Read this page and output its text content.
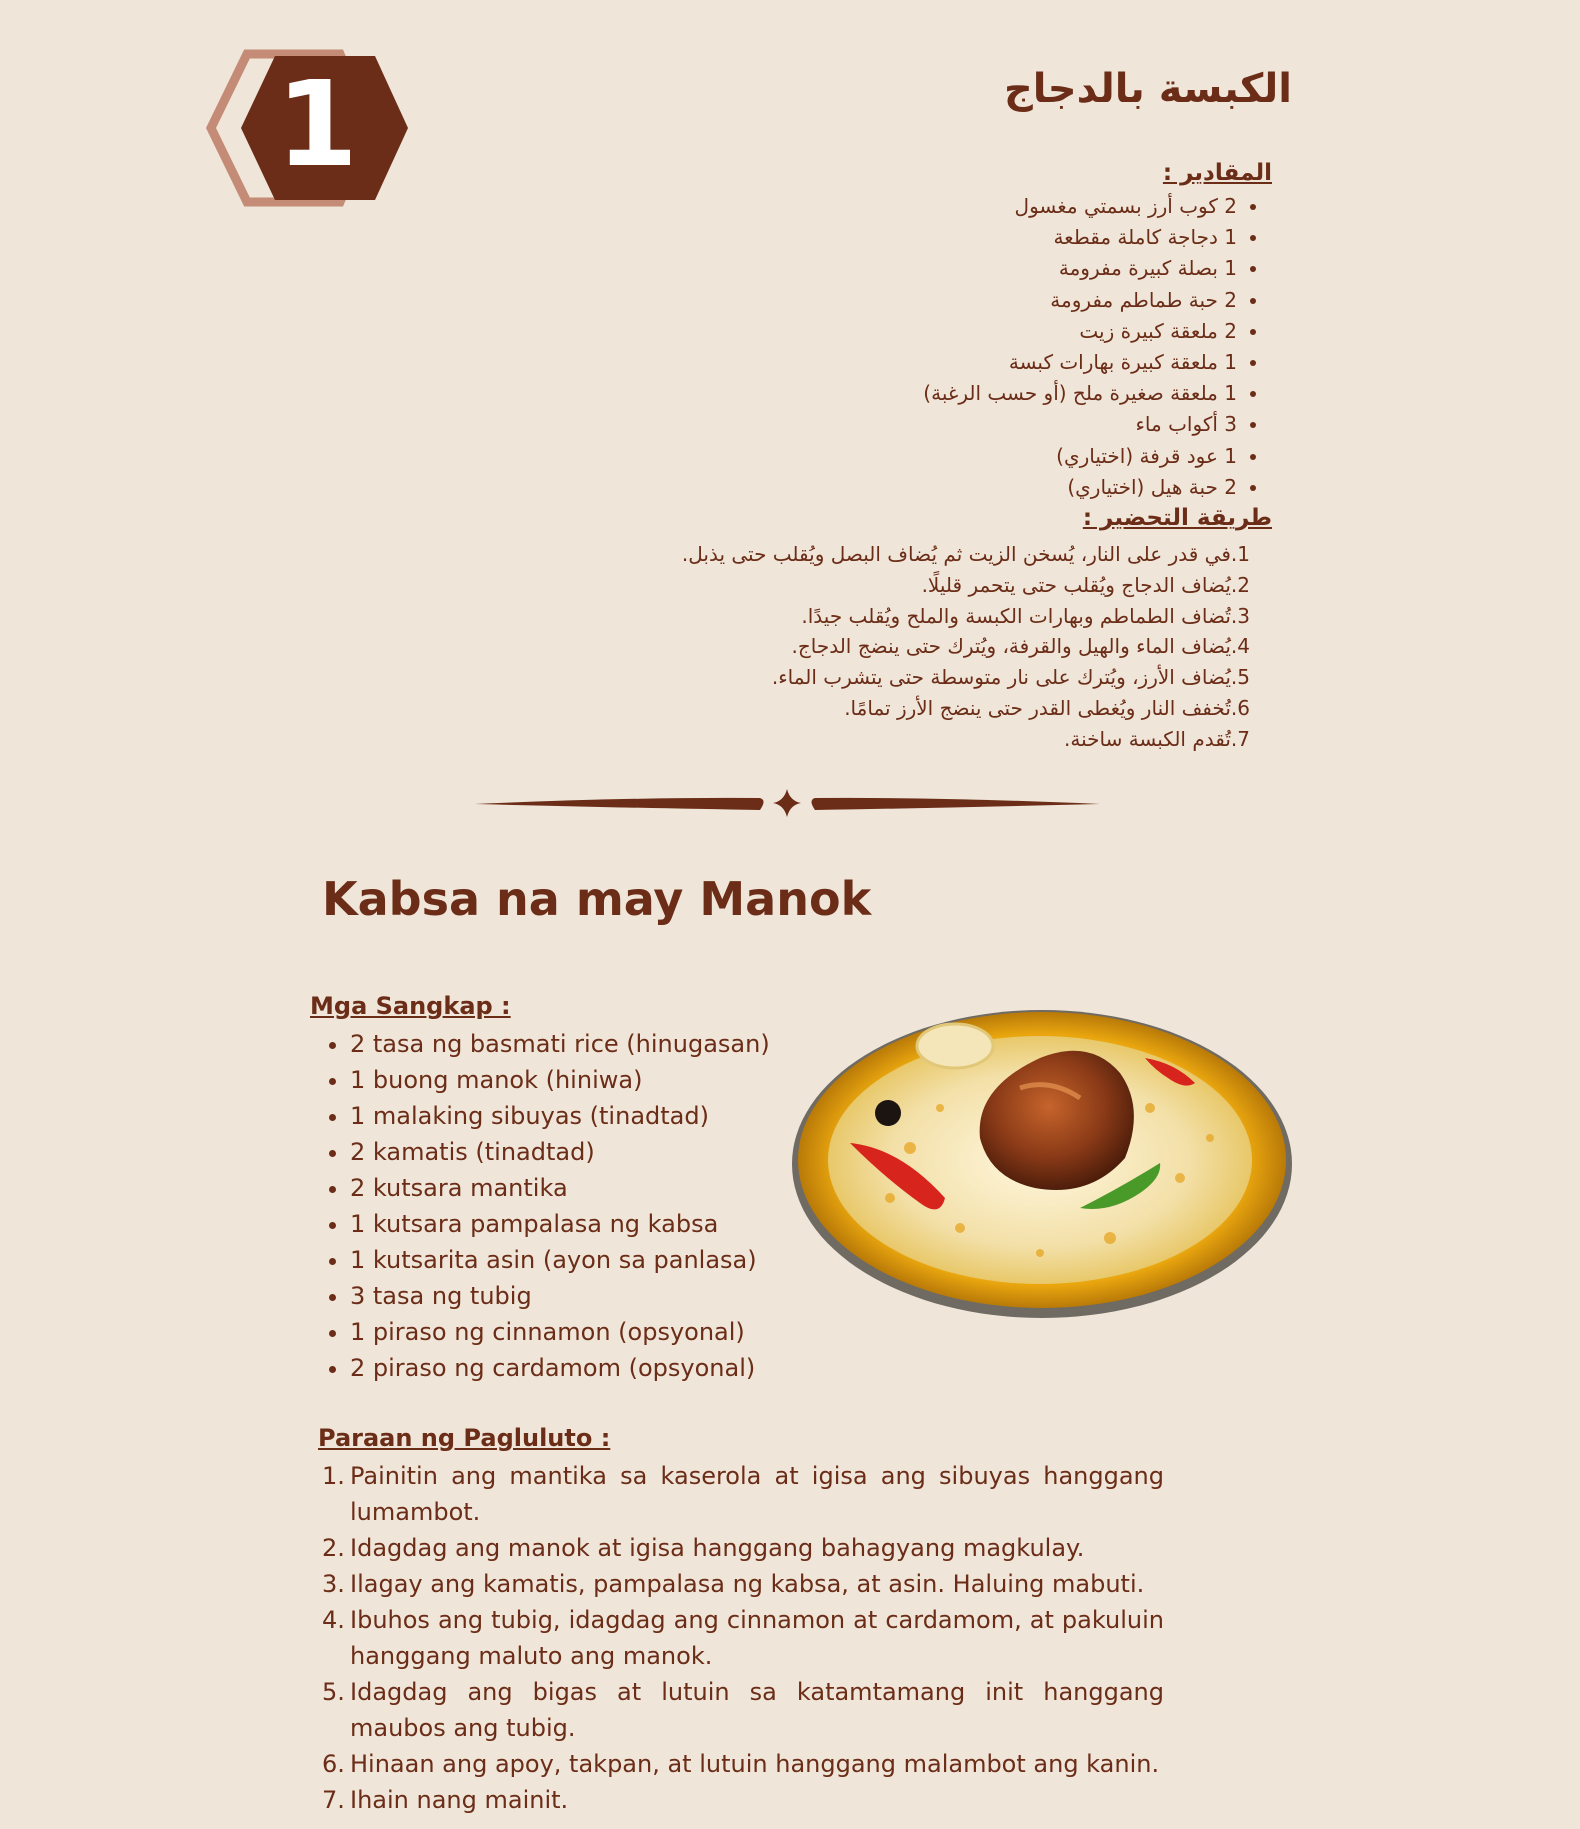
1	الكبسة بالدجاج
المقادير :
• 2 كوب أرز بسمتي مغسول
• 1 دجاجة كاملة مقطعة
• 1 بصلة كبيرة مفرومة
• 2 حبة طماطم مفرومة
• 2 ملعقة كبيرة زيت
• 1 ملعقة كبيرة بهارات كبسة
• 1 ملعقة صغيرة ملح (أو حسب الرغبة)
• 3 أكواب ماء
• 1 عود قرفة (اختياري)
• 2 حبة هيل (اختياري)
طريقة التحضير :
1.في قدر على النار، يُسخن الزيت ثم يُضاف البصل ويُقلب حتى يذبل.
2.يُضاف الدجاج ويُقلب حتى يتحمر قليلًا.
3.تُضاف الطماطم وبهارات الكبسة والملح ويُقلب جيدًا.
4.يُضاف الماء والهيل والقرفة، ويُترك حتى ينضج الدجاج.
5.يُضاف الأرز، ويُترك على نار متوسطة حتى يتشرب الماء.
6.تُخفف النار ويُغطى القدر حتى ينضج الأرز تمامًا.
7.تُقدم الكبسة ساخنة.
Kabsa na may Manok
Mga Sangkap :
• 2 tasa ng basmati rice (hinugasan)
• 1 buong manok (hiniwa)
• 1 malaking sibuyas (tinadtad)
• 2 kamatis (tinadtad)
• 2 kutsara mantika
• 1 kutsara pampalasa ng kabsa
• 1 kutsarita asin (ayon sa panlasa)
• 3 tasa ng tubig
• 1 piraso ng cinnamon (opsyonal)
• 2 piraso ng cardamom (opsyonal)
Paraan ng Pagluluto :
1. Painitin ang mantika sa kaserola at igisa ang sibuyas hanggang lumambot.
2. Idagdag ang manok at igisa hanggang bahagyang magkulay.
3. Ilagay ang kamatis, pampalasa ng kabsa, at asin. Haluing mabuti.
4. Ibuhos ang tubig, idagdag ang cinnamon at cardamom, at pakuluin hanggang maluto ang manok.
5. Idagdag ang bigas at lutuin sa katamtamang init hanggang maubos ang tubig.
6. Hinaan ang apoy, takpan, at lutuin hanggang malambot ang kanin.
7. Ihain nang mainit.
